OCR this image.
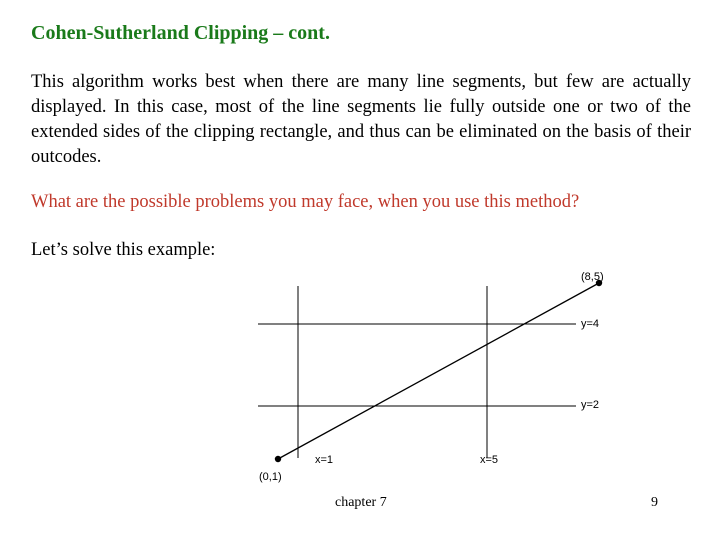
Cohen-Sutherland Clipping – cont.
This algorithm works best when there are many line segments, but few are actually displayed. In this case, most of the line segments lie fully outside one or two of the extended sides of the clipping rectangle, and thus can be eliminated on the basis of their outcodes.
What are the possible problems you may face, when you use this method?
Let’s solve this example:
(8,5)
y=4
y=2
x=1	x=5
(0,1)
chapter 7	9
